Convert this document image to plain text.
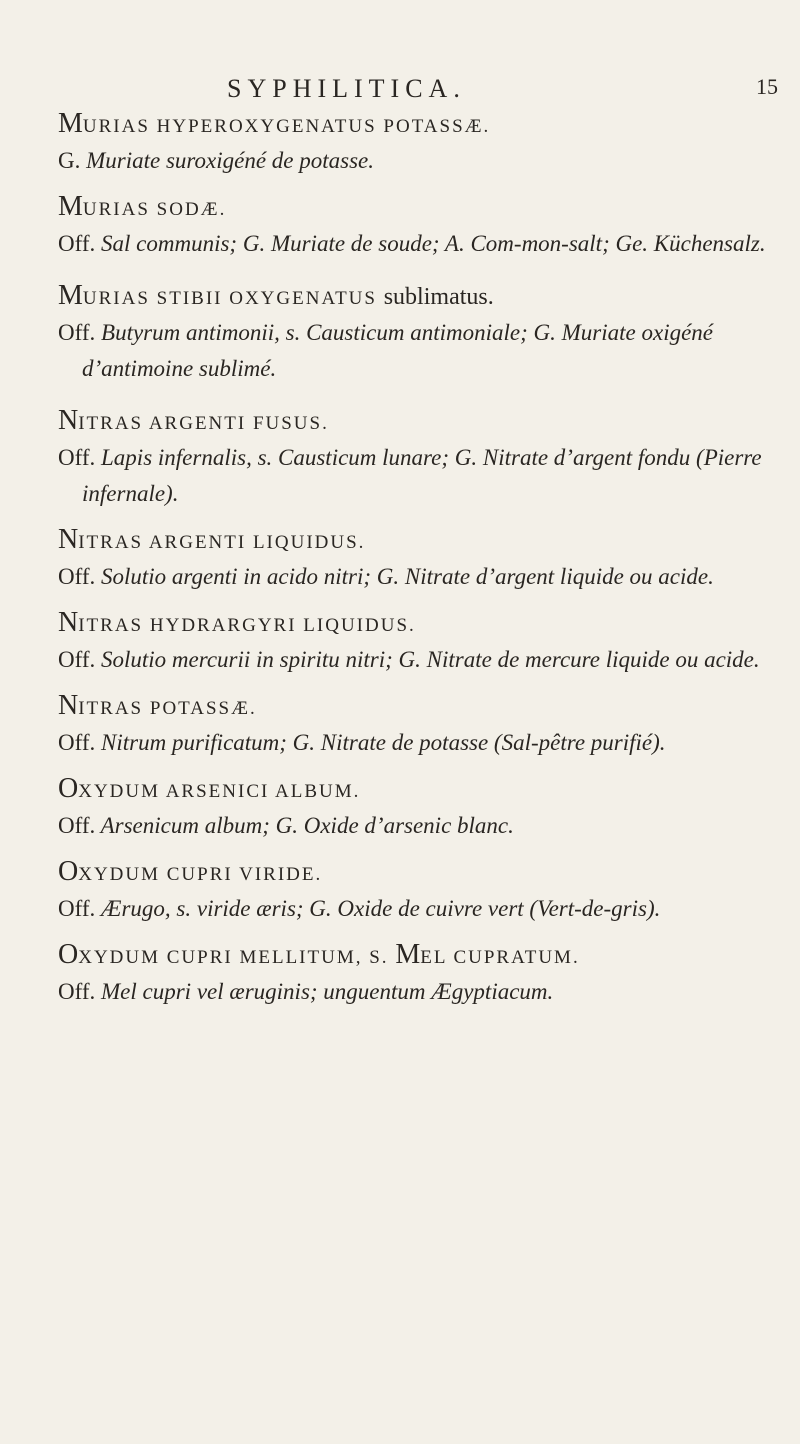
SYPHILITICA.	15
MURIAS HYPEROXYGENATUS POTASSÆ.
G. Muriate suroxigéné de potasse.
MURIAS SODÆ.
Off. Sal communis; G. Muriate de soude; A. Com-mon-salt; Ge. Küchensalz.
MURIAS STIBII OXYGENATUS sublimatus.
Off. Butyrum antimonii, s. Causticum antimoniale; G. Muriate oxigéné d’antimoine sublimé.
NITRAS ARGENTI FUSUS.
Off. Lapis infernalis, s. Causticum lunare; G. Nitrate d’argent fondu (Pierre infernale).
NITRAS ARGENTI LIQUIDUS.
Off. Solutio argenti in acido nitri; G. Nitrate d’argent liquide ou acide.
NITRAS HYDRARGYRI LIQUIDUS.
Off. Solutio mercurii in spiritu nitri; G. Nitrate de mercure liquide ou acide.
NITRAS POTASSÆ.
Off. Nitrum purificatum; G. Nitrate de potasse (Sal-pêtre purifié).
OXYDUM ARSENICI ALBUM.
Off. Arsenicum album; G. Oxide d’arsenic blanc.
OXYDUM CUPRI VIRIDE.
Off. Ærugo, s. viride æris; G. Oxide de cuivre vert (Vert-de-gris).
OXYDUM CUPRI MELLITUM, S. MEL CUPRATUM.
Off. Mel cupri vel æruginis; unguentum Ægyptiacum.
